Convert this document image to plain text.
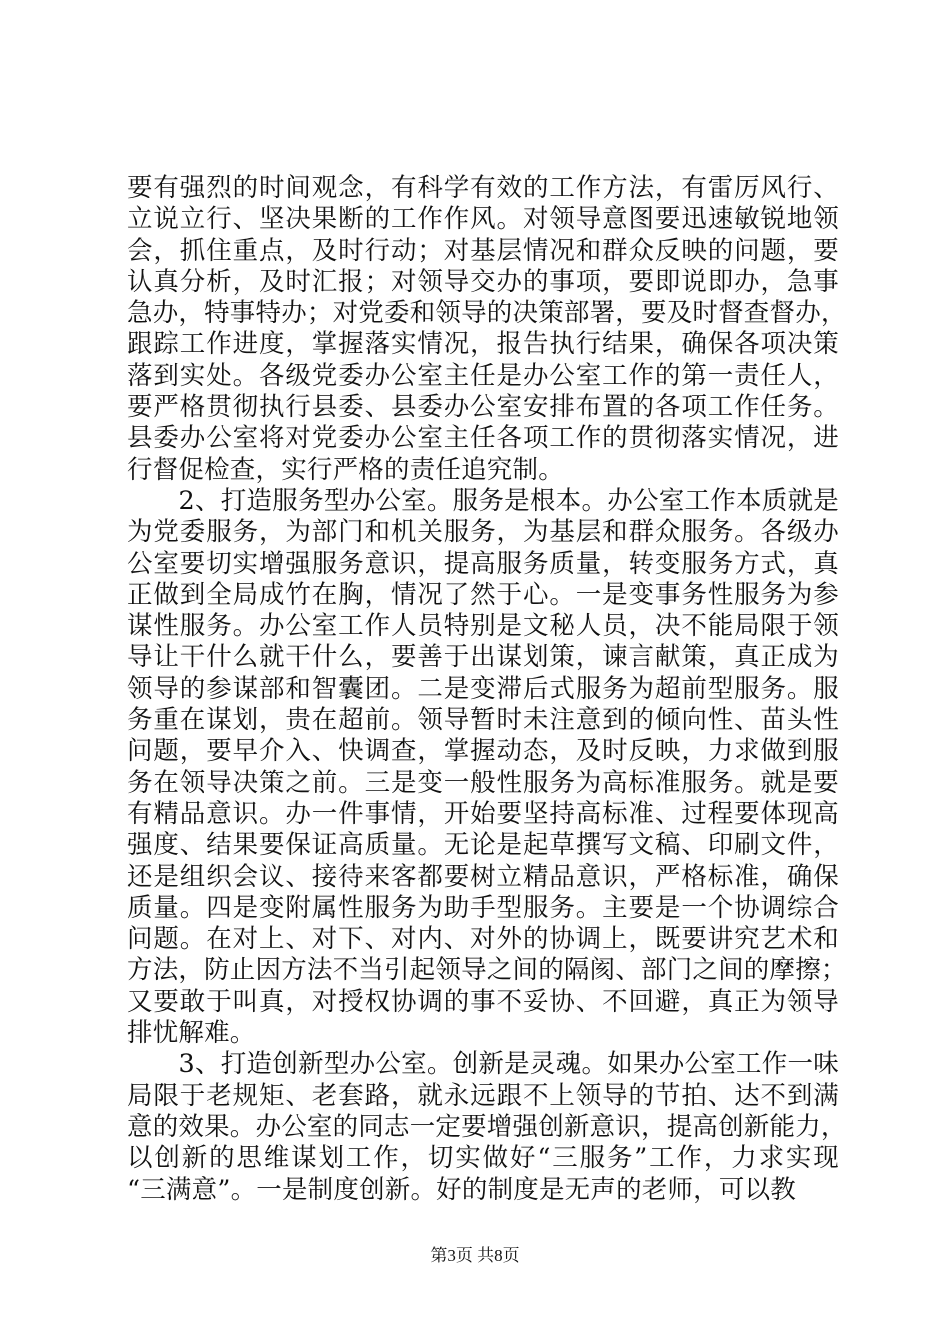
要有强烈的时间观念，有科学有效的工作方法，有雷厉风行、
立说立行、坚决果断的工作作风。对领导意图要迅速敏锐地领
会，抓住重点，及时行动；对基层情况和群众反映的问题，要
认真分析，及时汇报；对领导交办的事项，要即说即办，急事
急办，特事特办；对党委和领导的决策部署，要及时督查督办，
跟踪工作进度，掌握落实情况，报告执行结果，确保各项决策
落到实处。各级党委办公室主任是办公室工作的第一责任人，
要严格贯彻执行县委、县委办公室安排布置的各项工作任务。
县委办公室将对党委办公室主任各项工作的贯彻落实情况，进
行督促检查，实行严格的责任追究制。
　　2、打造服务型办公室。服务是根本。办公室工作本质就是
为党委服务，为部门和机关服务，为基层和群众服务。各级办
公室要切实增强服务意识，提高服务质量，转变服务方式，真
正做到全局成竹在胸，情况了然于心。一是变事务性服务为参
谋性服务。办公室工作人员特别是文秘人员，决不能局限于领
导让干什么就干什么，要善于出谋划策，谏言献策，真正成为
领导的参谋部和智囊团。二是变滞后式服务为超前型服务。服
务重在谋划，贵在超前。领导暂时未注意到的倾向性、苗头性
问题，要早介入、快调查，掌握动态，及时反映，力求做到服
务在领导决策之前。三是变一般性服务为高标准服务。就是要
有精品意识。办一件事情，开始要坚持高标准、过程要体现高
强度、结果要保证高质量。无论是起草撰写文稿、印刷文件，
还是组织会议、接待来客都要树立精品意识，严格标准，确保
质量。四是变附属性服务为助手型服务。主要是一个协调综合
问题。在对上、对下、对内、对外的协调上，既要讲究艺术和
方法，防止因方法不当引起领导之间的隔阂、部门之间的摩擦；
又要敢于叫真，对授权协调的事不妥协、不回避，真正为领导
排忧解难。
　　3、打造创新型办公室。创新是灵魂。如果办公室工作一味
局限于老规矩、老套路，就永远跟不上领导的节拍、达不到满
意的效果。办公室的同志一定要增强创新意识，提高创新能力，
以创新的思维谋划工作，切实做好“三服务”工作，力求实现
“三满意”。一是制度创新。好的制度是无声的老师，可以教
第3页 共8页
